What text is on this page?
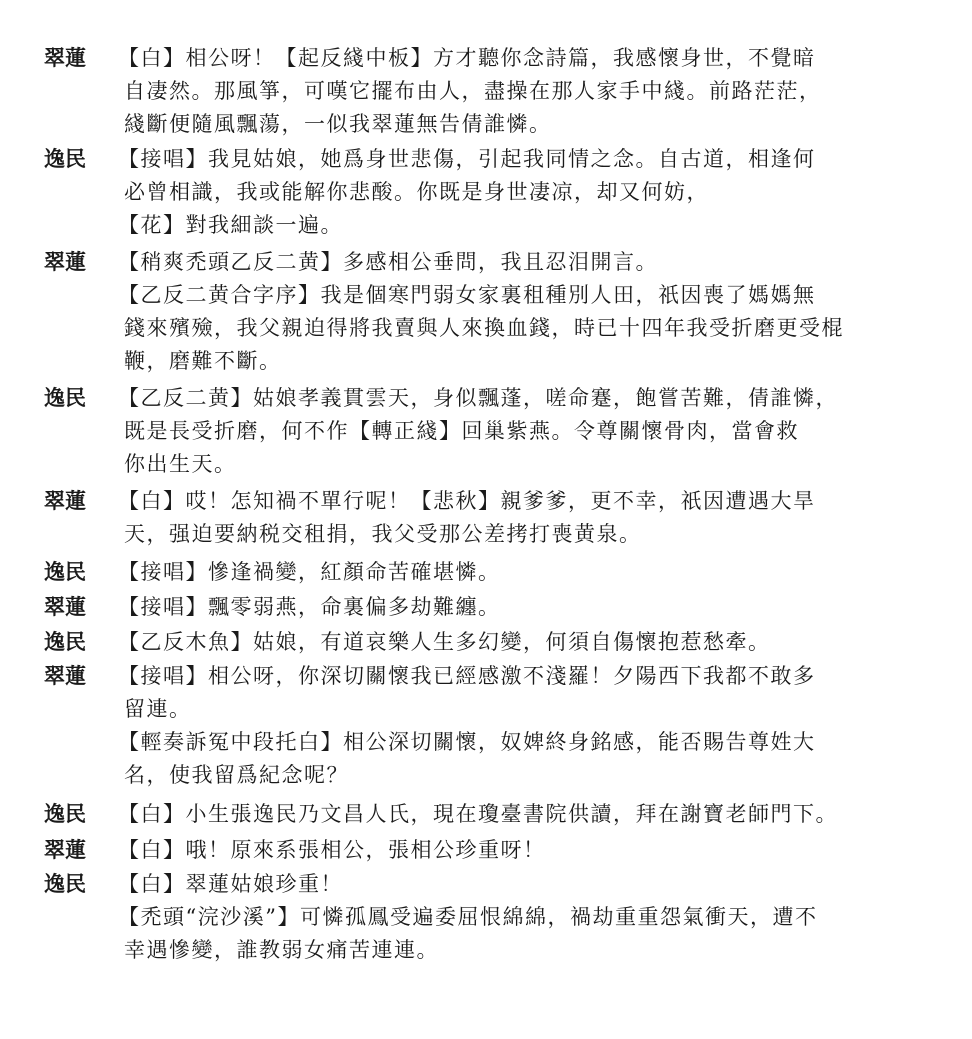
翠蓮 【白】相公呀！【起反綫中板】方才聽你念詩篇，我感懷身世，不覺暗
自凄然。那風箏，可嘆它擺布由人，盡操在那人家手中綫。前路茫茫，
綫斷便隨風飄蕩，一似我翠蓮無告倩誰憐。
逸民 【接唱】我見姑娘，她爲身世悲傷，引起我同情之念。自古道，相逢何
必曾相識，我或能解你悲酸。你既是身世凄凉，却又何妨，
【花】對我細談一遍。
翠蓮 【稍爽禿頭乙反二黄】多感相公垂問，我且忍泪開言。
【乙反二黄合字序】我是個寒門弱女家裏租種別人田，祇因喪了媽媽無
錢來殯殮，我父親迫得將我賣與人來換血錢，時已十四年我受折磨更受棍
鞭，磨難不斷。
逸民 【乙反二黄】姑娘孝義貫雲天，身似飄蓬，嗟命蹇，飽嘗苦難，倩誰憐，
既是長受折磨，何不作【轉正綫】回巢紫燕。令尊關懷骨肉，當會救
你出生天。
翠蓮 【白】哎！怎知禍不單行呢！【悲秋】親爹爹，更不幸，祇因遭遇大旱
天，强迫要納税交租捐，我父受那公差拷打喪黄泉。
逸民 【接唱】慘逢禍變，紅顏命苦確堪憐。
翠蓮 【接唱】飄零弱燕，命裏偏多劫難纏。
逸民 【乙反木魚】姑娘，有道哀樂人生多幻變，何須自傷懷抱惹愁牽。
翠蓮 【接唱】相公呀，你深切關懷我已經感激不淺羅！夕陽西下我都不敢多
留連。
【輕奏訴冤中段托白】相公深切關懷，奴婢終身銘感，能否賜告尊姓大
名，使我留爲紀念呢？
逸民 【白】小生張逸民乃文昌人氏，現在瓊臺書院供讀，拜在謝寶老師門下。
翠蓮 【白】哦！原來系張相公，張相公珍重呀！
逸民 【白】翠蓮姑娘珍重！
【禿頭“浣沙溪”】可憐孤鳳受遍委屈恨綿綿，禍劫重重怨氣衝天，遭不
幸遇慘變，誰教弱女痛苦連連。
